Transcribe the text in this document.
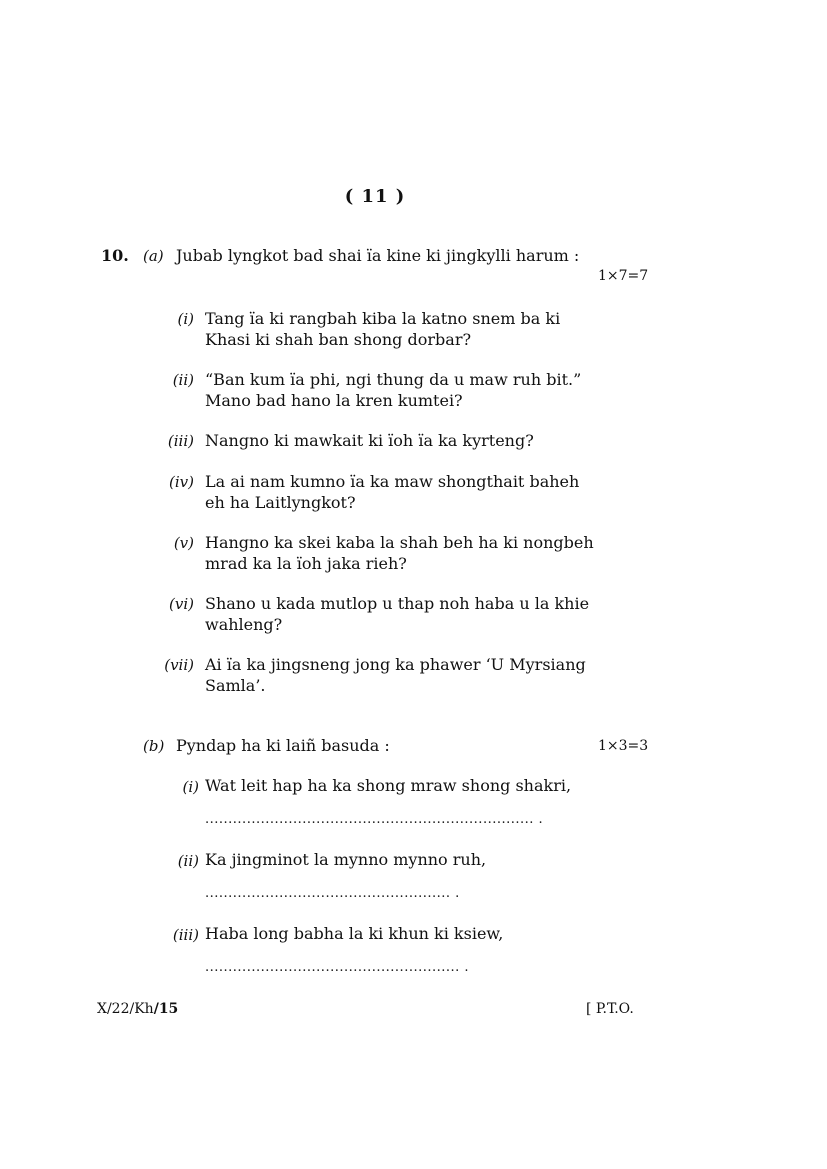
( 11 )
10. (a) Jubab lyngkot bad shai ïa kine ki jingkylli harum :
1×7=7
(i) Tang ïa ki rangbah kiba la katno snem ba ki
Khasi ki shah ban shong dorbar?
(ii) “Ban kum ïa phi, ngi thung da u maw ruh bit.”
Mano bad hano la kren kumtei?
(iii) Nangno ki mawkait ki ïoh ïa ka kyrteng?
(iv) La ai nam kumno ïa ka maw shongthait baheh
eh ha Laitlyngkot?
(v) Hangno ka skei kaba la shah beh ha ki nongbeh
mrad ka la ïoh jaka rieh?
(vi) Shano u kada mutlop u thap noh haba u la khie
wahleng?
(vii) Ai ïa ka jingsneng jong ka phawer ‘U Myrsiang
Samla’.
(b) Pyndap ha ki laiñ basuda :	1×3=3
(i) Wat leit hap ha ka shong mraw shong shakri,
....................................................................... .
(ii) Ka jingminot la mynno mynno ruh,
..................................................... .
(iii) Haba long babha la ki khun ki ksiew,
....................................................... .
X/22/Kh/15	[ P.T.O.
